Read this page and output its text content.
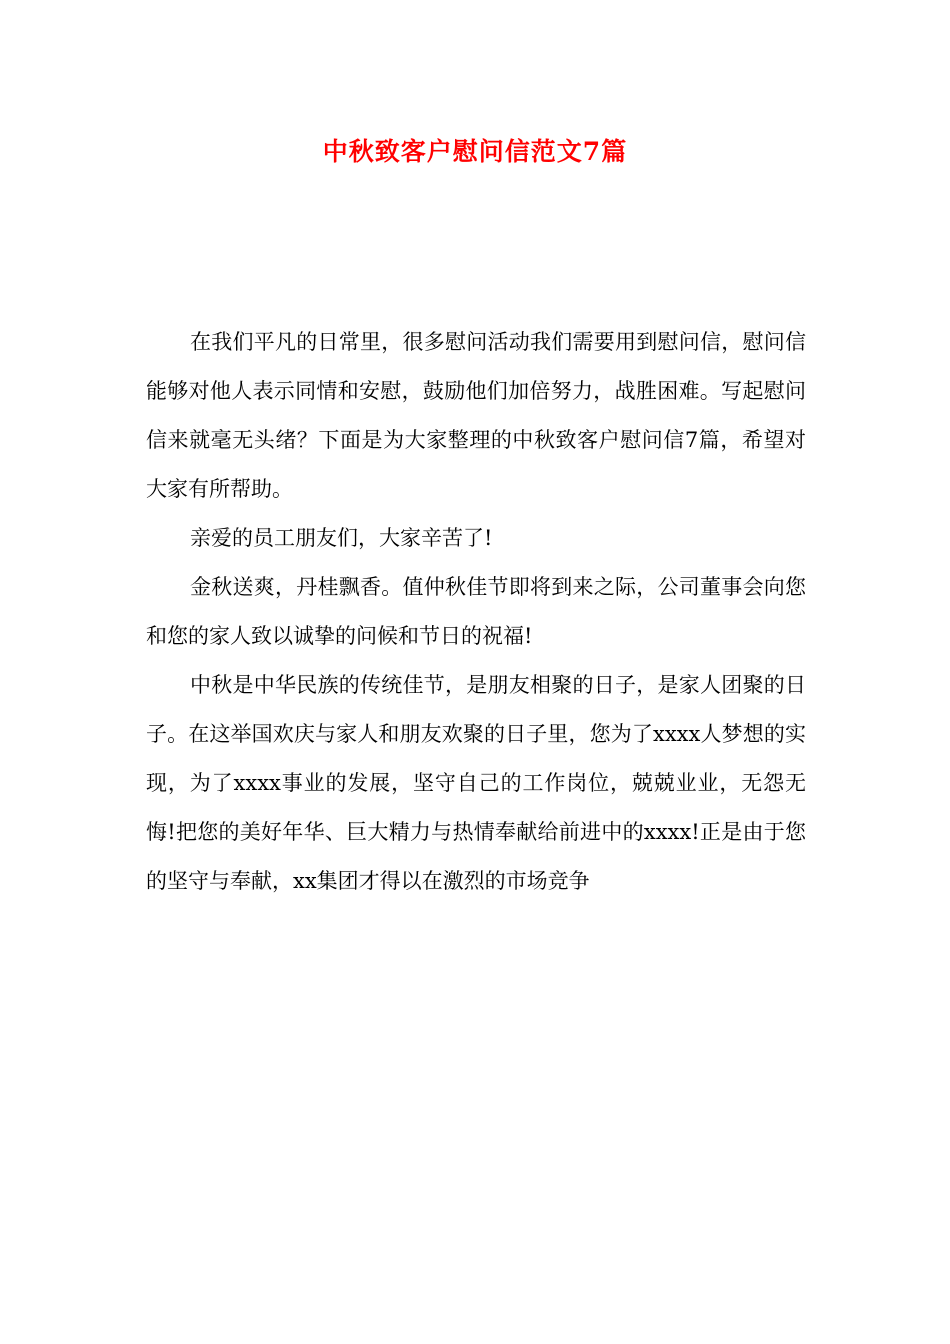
中秋致客户慰问信范文7篇

在我们平凡的日常里，很多慰问活动我们需要用到慰问信，慰问信能够对他人表示同情和安慰，鼓励他们加倍努力，战胜困难。写起慰问信来就毫无头绪？下面是为大家整理的中秋致客户慰问信7篇，希望对大家有所帮助。

亲爱的员工朋友们，大家辛苦了!

金秋送爽，丹桂飘香。值仲秋佳节即将到来之际，公司董事会向您和您的家人致以诚挚的问候和节日的祝福!

中秋是中华民族的传统佳节，是朋友相聚的日子，是家人团聚的日子。在这举国欢庆与家人和朋友欢聚的日子里，您为了xxxx人梦想的实现，为了xxxx事业的发展，坚守自己的工作岗位，兢兢业业，无怨无悔!把您的美好年华、巨大精力与热情奉献给前进中的xxxx!正是由于您的坚守与奉献，xx集团才得以在激烈的市场竞争
